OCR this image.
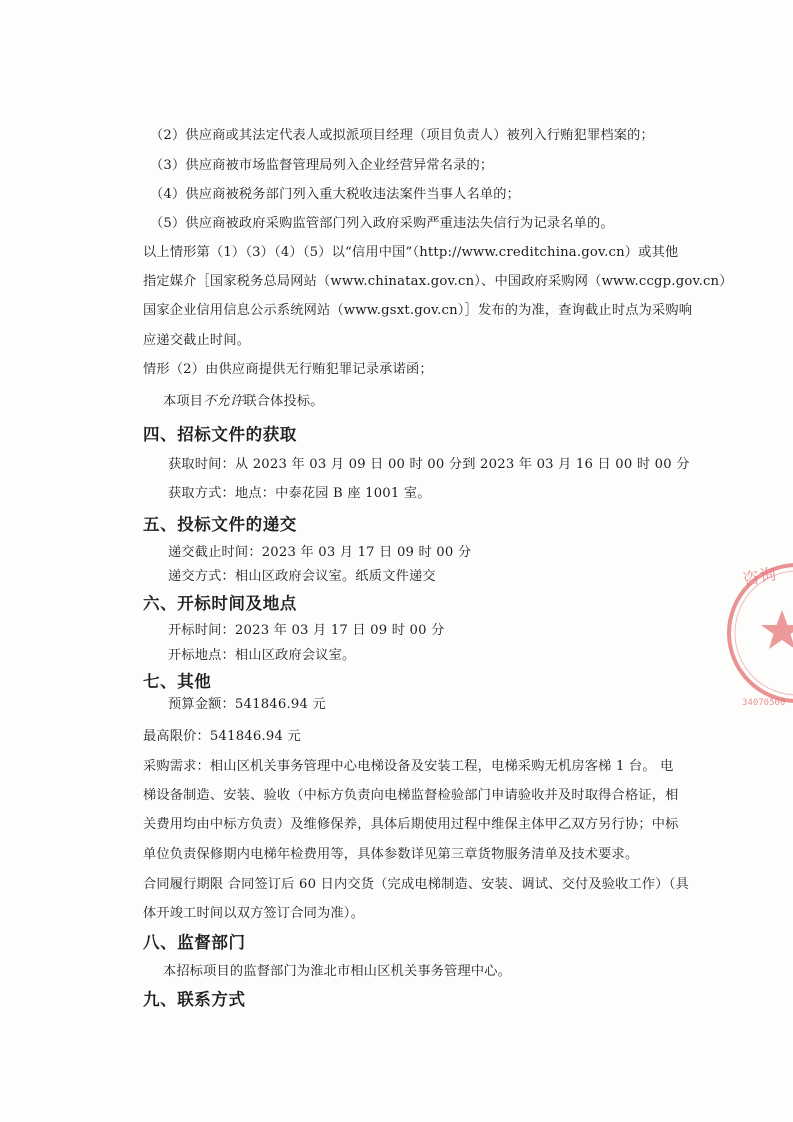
（2）供应商或其法定代表人或拟派项目经理（项目负责人）被列入行贿犯罪档案的；
（3）供应商被市场监督管理局列入企业经营异常名录的；
（4）供应商被税务部门列入重大税收违法案件当事人名单的；
（5）供应商被政府采购监管部门列入政府采购严重违法失信行为记录名单的。
以上情形第（1）（3）（4）（5）以“信用中国”（http://www.creditchina.gov.cn）或其他
指定媒介［国家税务总局网站（www.chinatax.gov.cn）、中国政府采购网（www.ccgp.gov.cn）
国家企业信用信息公示系统网站（www.gsxt.gov.cn）］发布的为准，查询截止时点为采购响
应递交截止时间。
情形（2）由供应商提供无行贿犯罪记录承诺函；
本项目不允许联合体投标。
四、招标文件的获取
获取时间：从 2023 年 03 月 09 日 00 时 00 分到 2023 年 03 月 16 日 00 时 00 分
获取方式：地点：中泰花园 B 座 1001 室。
五、投标文件的递交
递交截止时间：2023 年 03 月 17 日 09 时 00 分
递交方式：相山区政府会议室。纸质文件递交
六、开标时间及地点
开标时间：2023 年 03 月 17 日 09 时 00 分
开标地点：相山区政府会议室。
七、其他
预算金额：541846.94 元
最高限价：541846.94 元
采购需求：相山区机关事务管理中心电梯设备及安装工程，电梯采购无机房客梯 1 台。 电
梯设备制造、安装、验收（中标方负责向电梯监督检验部门申请验收并及时取得合格证，相
关费用均由中标方负责）及维修保养，具体后期使用过程中维保主体甲乙双方另行协；中标
单位负责保修期内电梯年检费用等，具体参数详见第三章货物服务清单及技术要求。
合同履行期限 合同签订后 60 日内交货（完成电梯制造、安装、调试、交付及验收工作）（具
体开竣工时间以双方签订合同为准）。
八、监督部门
本招标项目的监督部门为淮北市相山区机关事务管理中心。
九、联系方式
咨询
34070500
